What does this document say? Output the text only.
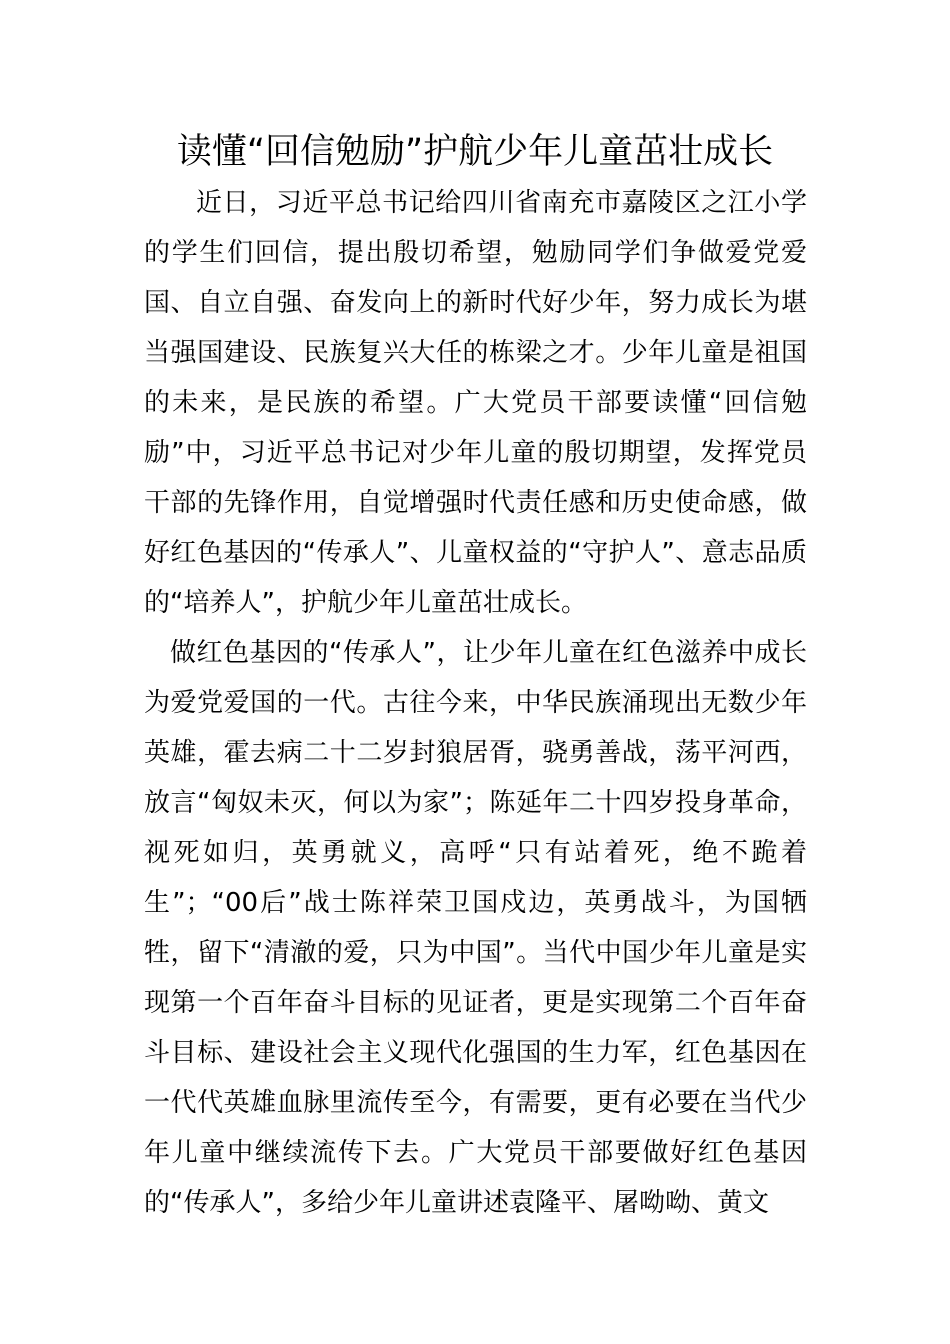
读懂“回信勉励”护航少年儿童茁壮成长

近日，习近平总书记给四川省南充市嘉陵区之江小学的学生们回信，提出殷切希望，勉励同学们争做爱党爱国、自立自强、奋发向上的新时代好少年，努力成长为堪当强国建设、民族复兴大任的栋梁之才。少年儿童是祖国的未来，是民族的希望。广大党员干部要读懂“回信勉励”中，习近平总书记对少年儿童的殷切期望，发挥党员干部的先锋作用，自觉增强时代责任感和历史使命感，做好红色基因的“传承人”、儿童权益的“守护人”、意志品质的“培养人”，护航少年儿童茁壮成长。

做红色基因的“传承人”，让少年儿童在红色滋养中成长为爱党爱国的一代。古往今来，中华民族涌现出无数少年英雄，霍去病二十二岁封狼居胥，骁勇善战，荡平河西，放言“匈奴未灭，何以为家”；陈延年二十四岁投身革命，视死如归，英勇就义，高呼“只有站着死，绝不跪着生”；“00后”战士陈祥荣卫国戍边，英勇战斗，为国牺牲，留下“清澈的爱，只为中国”。当代中国少年儿童是实现第一个百年奋斗目标的见证者，更是实现第二个百年奋斗目标、建设社会主义现代化强国的生力军，红色基因在一代代英雄血脉里流传至今，有需要，更有必要在当代少年儿童中继续流传下去。广大党员干部要做好红色基因的“传承人”，多给少年儿童讲述袁隆平、屠呦呦、黄文
